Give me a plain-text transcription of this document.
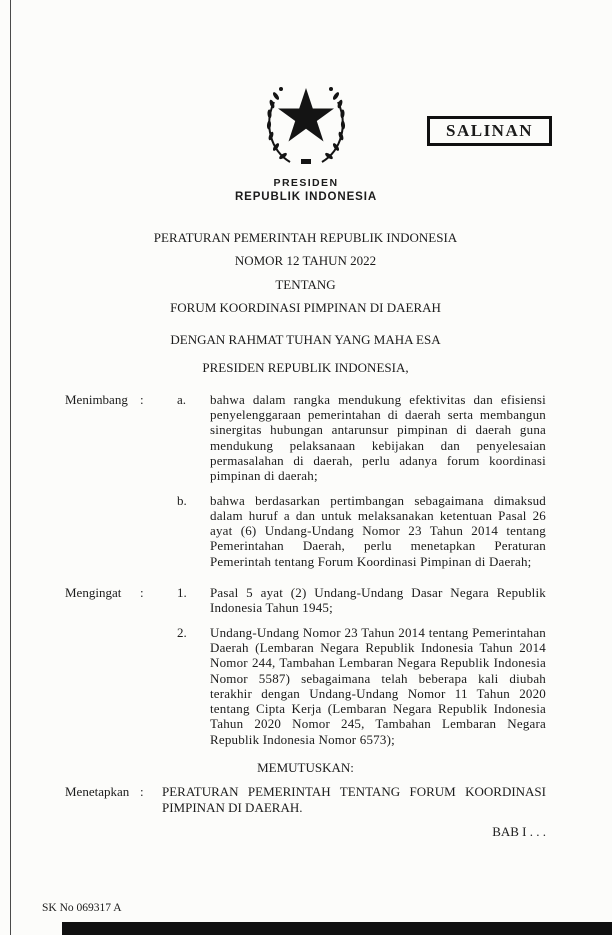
SALINAN
PRESIDEN
REPUBLIK INDONESIA
PERATURAN PEMERINTAH REPUBLIK INDONESIA
NOMOR 12 TAHUN 2022
TENTANG
FORUM KOORDINASI PIMPINAN DI DAERAH
DENGAN RAHMAT TUHAN YANG MAHA ESA
PRESIDEN REPUBLIK INDONESIA,
Menimbang :	a.	bahwa dalam rangka mendukung efektivitas dan efisiensi penyelenggaraan pemerintahan di daerah serta membangun sinergitas hubungan antarunsur pimpinan di daerah guna mendukung pelaksanaan kebijakan dan penyelesaian permasalahan di daerah, perlu adanya forum koordinasi pimpinan di daerah;
b.	bahwa berdasarkan pertimbangan sebagaimana dimaksud dalam huruf a dan untuk melaksanakan ketentuan Pasal 26 ayat (6) Undang-Undang Nomor 23 Tahun 2014 tentang Pemerintahan Daerah, perlu menetapkan Peraturan Pemerintah tentang Forum Koordinasi Pimpinan di Daerah;
Mengingat	:	1.	Pasal 5 ayat (2) Undang-Undang Dasar Negara Republik Indonesia Tahun 1945;
2.	Undang-Undang Nomor 23 Tahun 2014 tentang Pemerintahan Daerah (Lembaran Negara Republik Indonesia Tahun 2014 Nomor 244, Tambahan Lembaran Negara Republik Indonesia Nomor 5587) sebagaimana telah beberapa kali diubah terakhir dengan Undang-Undang Nomor 11 Tahun 2020 tentang Cipta Kerja (Lembaran Negara Republik Indonesia Tahun 2020 Nomor 245, Tambahan Lembaran Negara Republik Indonesia Nomor 6573);
MEMUTUSKAN:
Menetapkan :	PERATURAN PEMERINTAH TENTANG FORUM KOORDINASI PIMPINAN DI DAERAH.
BAB I . . .
SK No 069317 A
